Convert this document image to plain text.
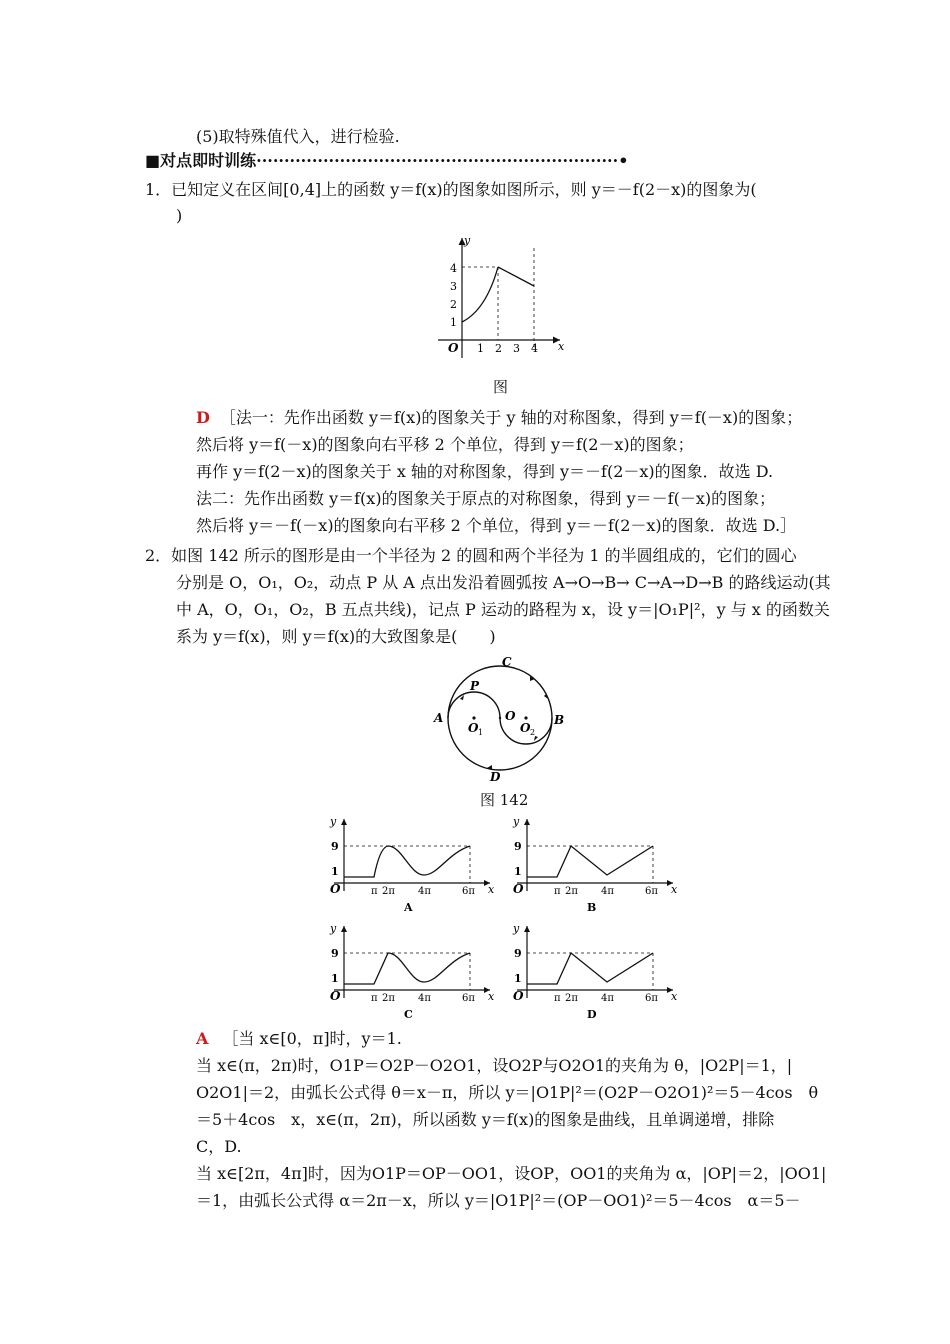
(5)取特殊值代入，进行检验.
■对点即时训练·································································•
1．已知定义在区间[0,4]上的函数 y＝f(x)的图象如图所示，则 y＝－f(2－x)的图象为(
)
y
x
O
1
2
3
4
1 2 3 4
图
D ［法一：先作出函数 y＝f(x)的图象关于 y 轴的对称图象，得到 y＝f(－x)的图象；
然后将 y＝f(－x)的图象向右平移 2 个单位，得到 y＝f(2－x)的图象；
再作 y＝f(2－x)的图象关于 x 轴的对称图象，得到 y＝－f(2－x)的图象．故选 D.
法二：先作出函数 y＝f(x)的图象关于原点的对称图象，得到 y＝－f(－x)的图象；
然后将 y＝－f(－x)的图象向右平移 2 个单位，得到 y＝－f(2－x)的图象．故选 D.］
2．如图 142 所示的图形是由一个半径为 2 的圆和两个半径为 1 的半圆组成的，它们的圆心
分别是 O，O₁，O₂，动点 P 从 A 点出发沿着圆弧按 A→O→B→ C→A→D→B 的路线运动(其
中 A，O，O₁，O₂，B 五点共线)，记点 P 运动的路程为 x，设 y＝|O₁P|²，y 与 x 的函数关
系为 y＝f(x)，则 y＝f(x)的大致图象是(　　)
A	B
C
D
P
O
O 1	O 2
图 142
y
x
9
1
O	π 2π 4π	6π
A
y
x
9
1
O	π 2π 4π	6π
B
y
x
9
1
O	π 2π 4π	6π
C
y
x
9
1
O	π 2π 4π	6π
D
A ［当 x∈[0，π]时，y＝1.
当 x∈(π，2π)时，O1P＝O2P－O2O1，设O2P与O2O1的夹角为 θ，|O2P|＝1，|
O2O1|＝2，由弧长公式得 θ＝x－π，所以 y＝|O1P|²＝(O2P－O2O1)²＝5－4cos　θ
＝5＋4cos　x，x∈(π，2π)，所以函数 y＝f(x)的图象是曲线，且单调递增，排除
C，D.
当 x∈[2π，4π]时，因为O1P＝OP－OO1，设OP，OO1的夹角为 α，|OP|＝2，|OO1|
＝1，由弧长公式得 α＝2π－x，所以 y＝|O1P|²＝(OP－OO1)²＝5－4cos　α＝5－
